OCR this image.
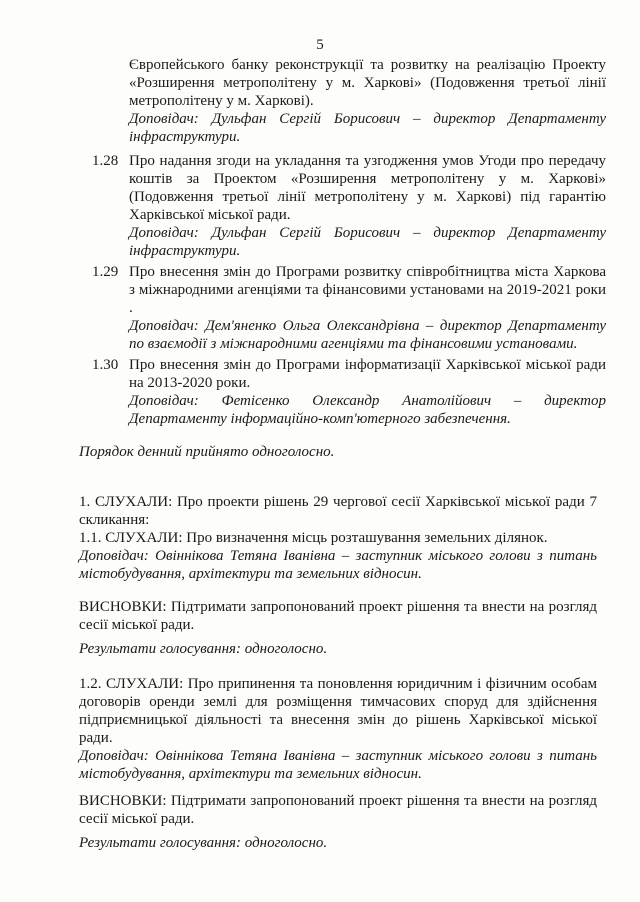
5

Європейського банку реконструкції та розвитку на реалізацію Проекту «Розширення метрополітену у м. Харкові» (Подовження третьої лінії метрополітену у м. Харкові).

Доповідач: Дульфан Сергій Борисович – директор Департаменту інфраструктури.

1.28 Про надання згоди на укладання та узгодження умов Угоди про передачу коштів за Проектом «Розширення метрополітену у м. Харкові» (Подовження третьої лінії метрополітену у м. Харкові) під гарантію Харківської міської ради.

Доповідач: Дульфан Сергій Борисович – директор Департаменту інфраструктури.

1.29 Про внесення змін до Програми розвитку співробітництва міста Харкова з міжнародними агенціями та фінансовими установами на 2019-2021 роки .

Доповідач: Дем'яненко Ольга Олександрівна – директор Департаменту по взаємодії з міжнародними агенціями та фінансовими установами.

1.30 Про внесення змін до Програми інформатизації Харківської міської ради на 2013-2020 роки.

Доповідач: Фетісенко Олександр Анатолійович – директор Департаменту інформаційно-комп'ютерного забезпечення.

Порядок денний прийнято одноголосно.

1. СЛУХАЛИ: Про проекти рішень 29 чергової сесії Харківської міської ради 7 скликання:

1.1. СЛУХАЛИ: Про визначення місць розташування земельних ділянок.

Доповідач: Овіннікова Тетяна Іванівна – заступник міського голови з питань містобудування, архітектури та земельних відносин.

ВИСНОВКИ: Підтримати запропонований проект рішення та внести на розгляд сесії міської ради.
Результати голосування: одноголосно.

1.2. СЛУХАЛИ: Про припинення та поновлення юридичним і фізичним особам договорів оренди землі для розміщення тимчасових споруд для здійснення підприємницької діяльності та внесення змін до рішень Харківської міської ради.

Доповідач: Овіннікова Тетяна Іванівна – заступник міського голови з питань містобудування, архітектури та земельних відносин.

ВИСНОВКИ: Підтримати запропонований проект рішення та внести на розгляд сесії міської ради.
Результати голосування: одноголосно.
